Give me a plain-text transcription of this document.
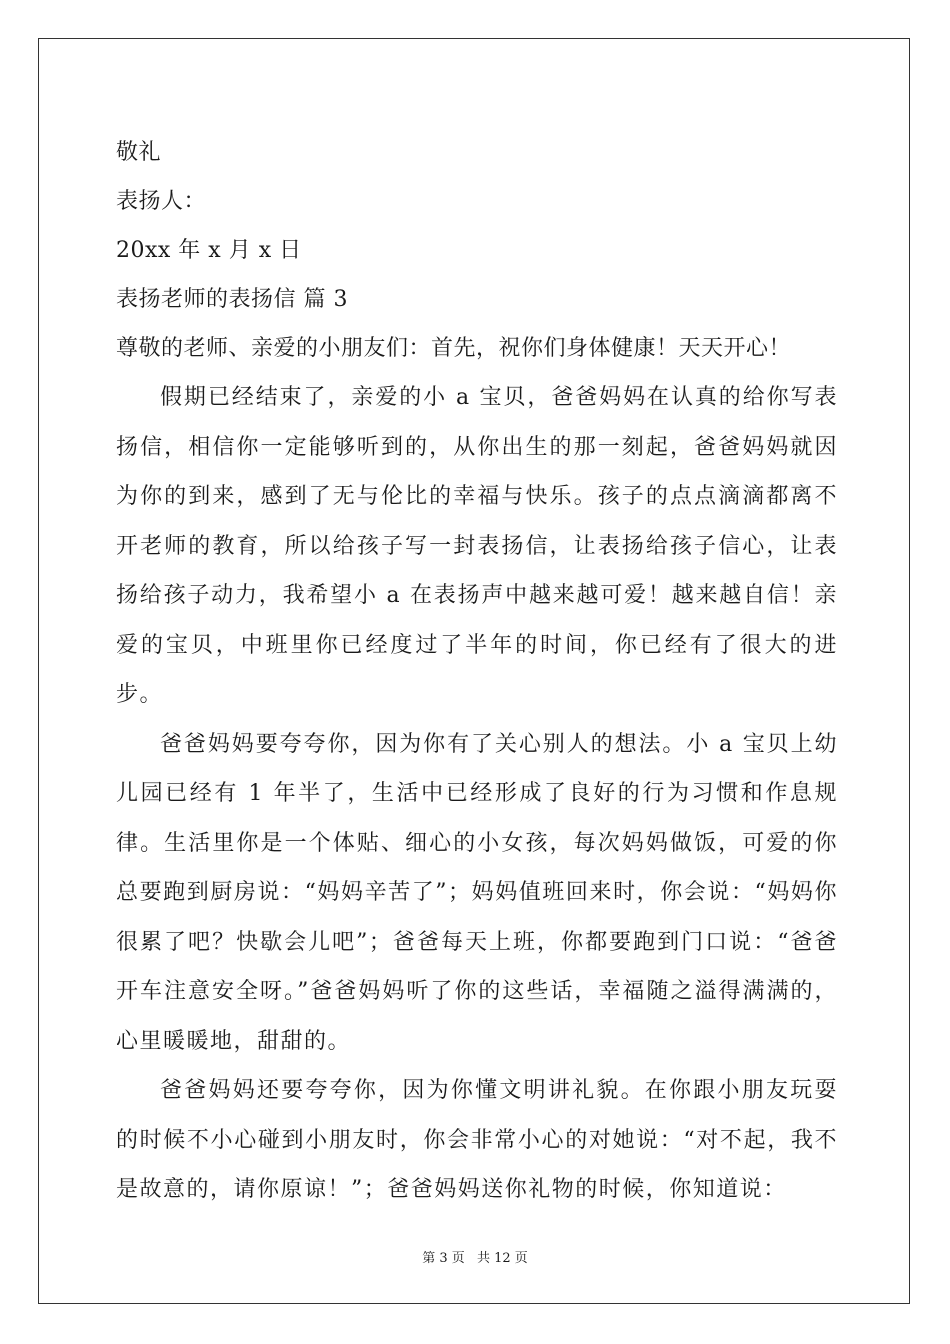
敬礼
表扬人：
20xx 年 x 月 x 日
表扬老师的表扬信 篇 3
尊敬的老师、亲爱的小朋友们：首先，祝你们身体健康！天天开心！

假期已经结束了，亲爱的小 a 宝贝，爸爸妈妈在认真的给你写表扬信，相信你一定能够听到的，从你出生的那一刻起，爸爸妈妈就因为你的到来，感到了无与伦比的幸福与快乐。孩子的点点滴滴都离不开老师的教育，所以给孩子写一封表扬信，让表扬给孩子信心，让表扬给孩子动力，我希望小 a 在表扬声中越来越可爱！越来越自信！亲爱的宝贝，中班里你已经度过了半年的时间，你已经有了很大的进步。

爸爸妈妈要夸夸你，因为你有了关心别人的想法。小 a 宝贝上幼儿园已经有 1 年半了，生活中已经形成了良好的行为习惯和作息规律。生活里你是一个体贴、细心的小女孩，每次妈妈做饭，可爱的你总要跑到厨房说：“妈妈辛苦了”；妈妈值班回来时，你会说：“妈妈你很累了吧？快歇会儿吧”；爸爸每天上班，你都要跑到门口说：“爸爸开车注意安全呀。”爸爸妈妈听了你的这些话，幸福随之溢得满满的，心里暖暖地，甜甜的。

爸爸妈妈还要夸夸你，因为你懂文明讲礼貌。在你跟小朋友玩耍的时候不小心碰到小朋友时，你会非常小心的对她说：“对不起，我不是故意的，请你原谅！”；爸爸妈妈送你礼物的时候，你知道说：

第 3 页 共 12 页
